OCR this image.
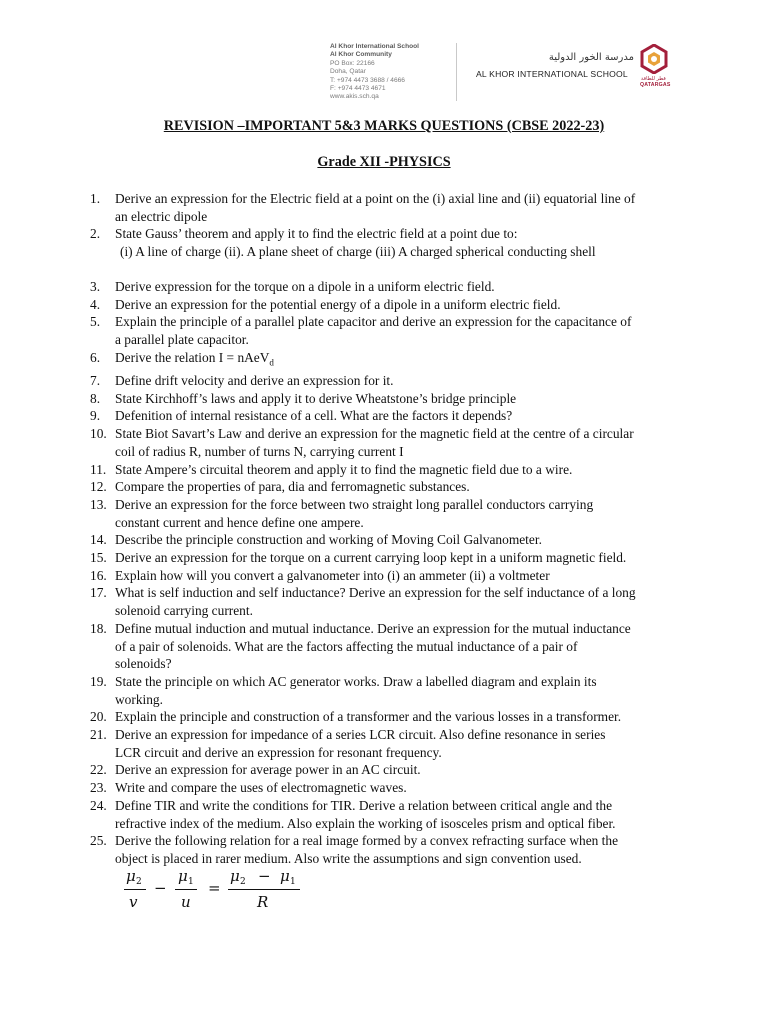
Al Khor International School
Al Khor Community
PO Box: 22166
Doha, Qatar
T: +974 4473 3688 / 4666
F: +974 4473 4671
www.akis.sch.qa
مدرسة الخور الدولية
AL KHOR INTERNATIONAL SCHOOL	قطر للطاقة
QATARGAS
REVISION –IMPORTANT 5&3 MARKS QUESTIONS (CBSE 2022-23)
Grade XII -PHYSICS
1. Derive an expression for the Electric field at a point on the (i) axial line and (ii) equatorial line of
an electric dipole
2. State Gauss’ theorem and apply it to find the electric field at a point due to:
(i) A line of charge (ii). A plane sheet of charge (iii) A charged spherical conducting shell
3. Derive expression for the torque on a dipole in a uniform electric field.
4. Derive an expression for the potential energy of a dipole in a uniform electric field.
5. Explain the principle of a parallel plate capacitor and derive an expression for the capacitance of
a parallel plate capacitor.
6. Derive the relation I = nAeV$_d$
7. Define drift velocity and derive an expression for it.
8. State Kirchhoff’s laws and apply it to derive Wheatstone’s bridge principle
9. Defenition of internal resistance of a cell. What are the factors it depends?
10. State Biot Savart’s Law and derive an expression for the magnetic field at the centre of a circular
coil of radius R, number of turns N, carrying current I
11. State Ampere’s circuital theorem and apply it to find the magnetic field due to a wire.
12. Compare the properties of para, dia and ferromagnetic substances.
13. Derive an expression for the force between two straight long parallel conductors carrying
constant current and hence define one ampere.
14. Describe the principle construction and working of Moving Coil Galvanometer.
15. Derive an expression for the torque on a current carrying loop kept in a uniform magnetic field.
16. Explain how will you convert a galvanometer into (i) an ammeter (ii) a voltmeter
17. What is self induction and self inductance? Derive an expression for the self inductance of a long
solenoid carrying current.
18. Define mutual induction and mutual inductance. Derive an expression for the mutual inductance
of a pair of solenoids. What are the factors affecting the mutual inductance of a pair of
solenoids?
19. State the principle on which AC generator works. Draw a labelled diagram and explain its
working.
20. Explain the principle and construction of a transformer and the various losses in a transformer.
21. Derive an expression for impedance of a series LCR circuit. Also define resonance in series
LCR circuit and derive an expression for resonant frequency.
22. Derive an expression for average power in an AC circuit.
23. Write and compare the uses of electromagnetic waves.
24. Define TIR and write the conditions for TIR. Derive a relation between critical angle and the
refractive index of the medium. Also explain the working of isosceles prism and optical fiber.
25. Derive the following relation for a real image formed by a convex refracting surface when the
object is placed in rarer medium. Also write the assumptions and sign convention used.
μ 2
v
−
μ 1
u
=
μ 2 − μ 1
R
